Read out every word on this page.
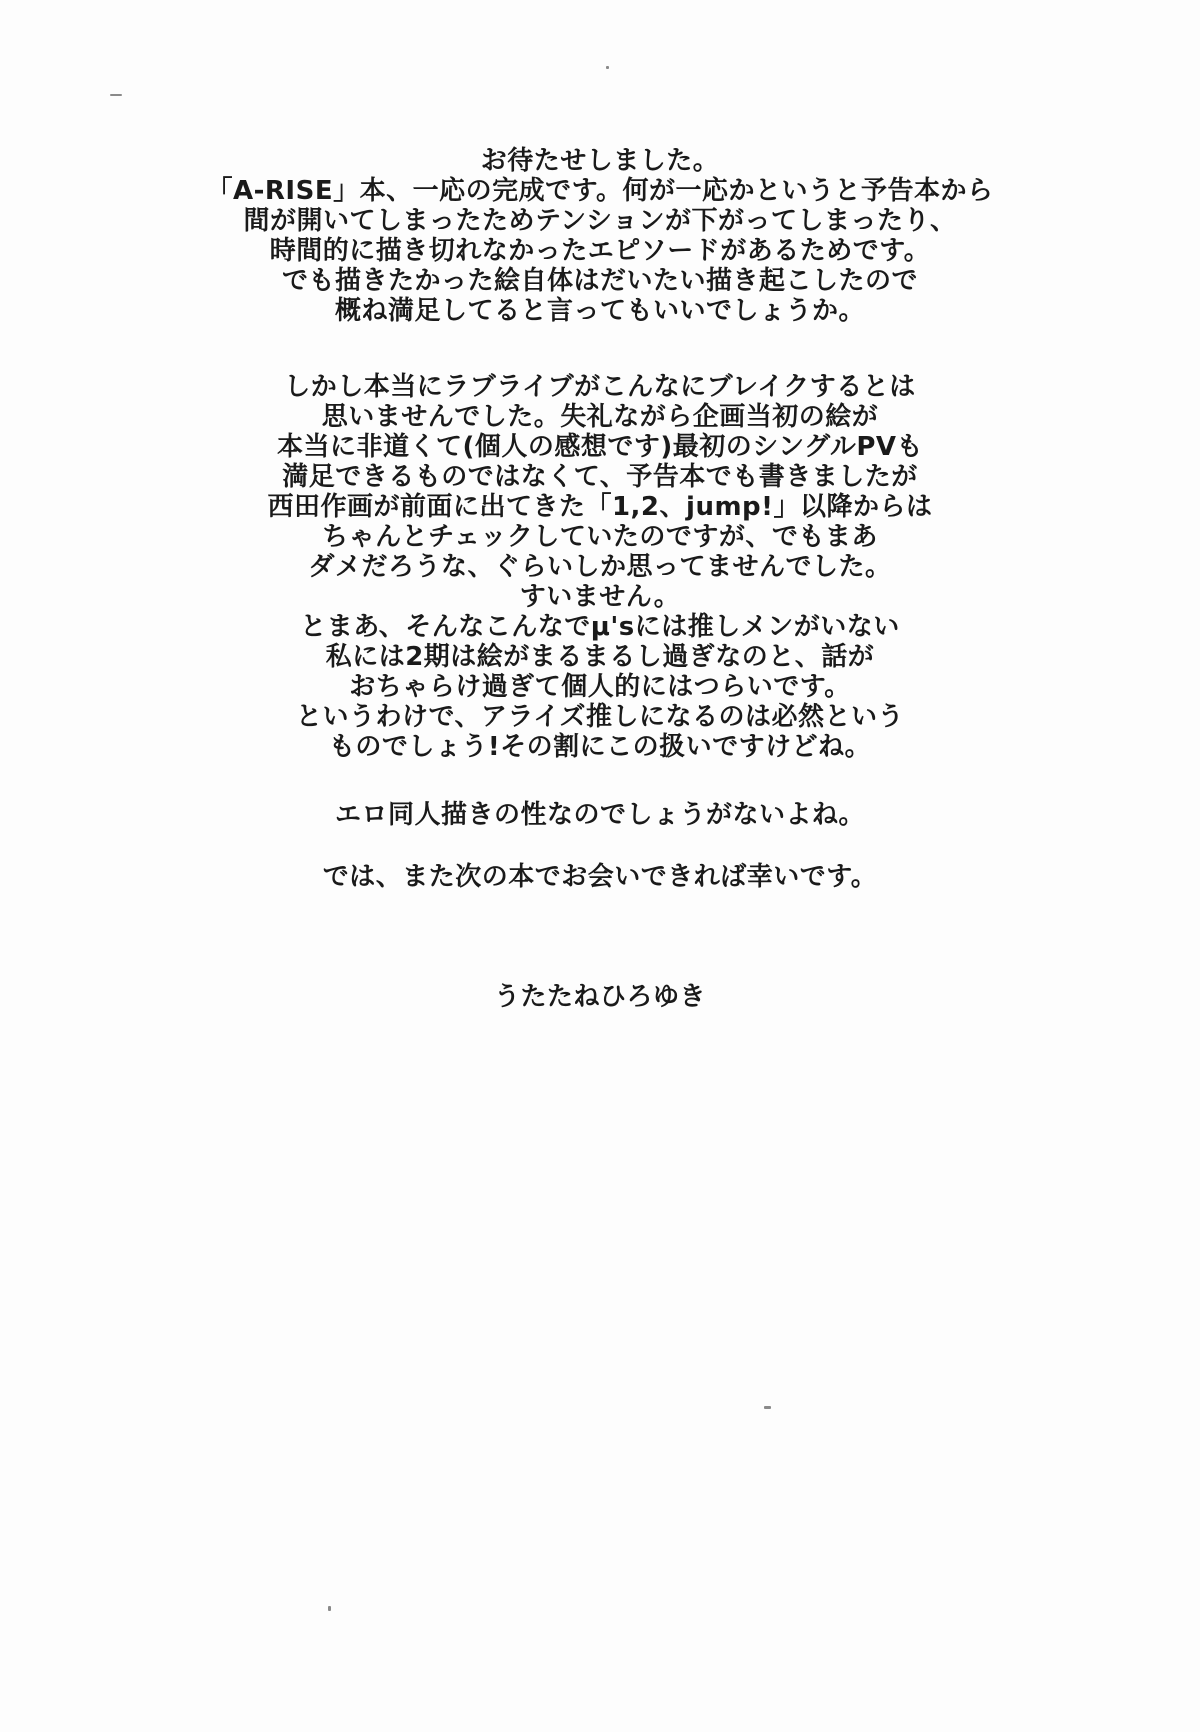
お待たせしました。
「A-RISE」本、一応の完成です。何が一応かというと予告本から
間が開いてしまったためテンションが下がってしまったり、
時間的に描き切れなかったエピソードがあるためです。
でも描きたかった絵自体はだいたい描き起こしたので
概ね満足してると言ってもいいでしょうか。
しかし本当にラブライブがこんなにブレイクするとは
思いませんでした。失礼ながら企画当初の絵が
本当に非道くて(個人の感想です)最初のシングルPVも
満足できるものではなくて、予告本でも書きましたが
西田作画が前面に出てきた「1,2、jump!」以降からは
ちゃんとチェックしていたのですが、でもまあ
ダメだろうな、ぐらいしか思ってませんでした。
すいません。
とまあ、そんなこんなでμ'sには推しメンがいない
私には2期は絵がまるまるし過ぎなのと、話が
おちゃらけ過ぎて個人的にはつらいです。
というわけで、アライズ推しになるのは必然という
ものでしょう!その割にこの扱いですけどね。
エロ同人描きの性なのでしょうがないよね。
では、また次の本でお会いできれば幸いです。
うたたねひろゆき
